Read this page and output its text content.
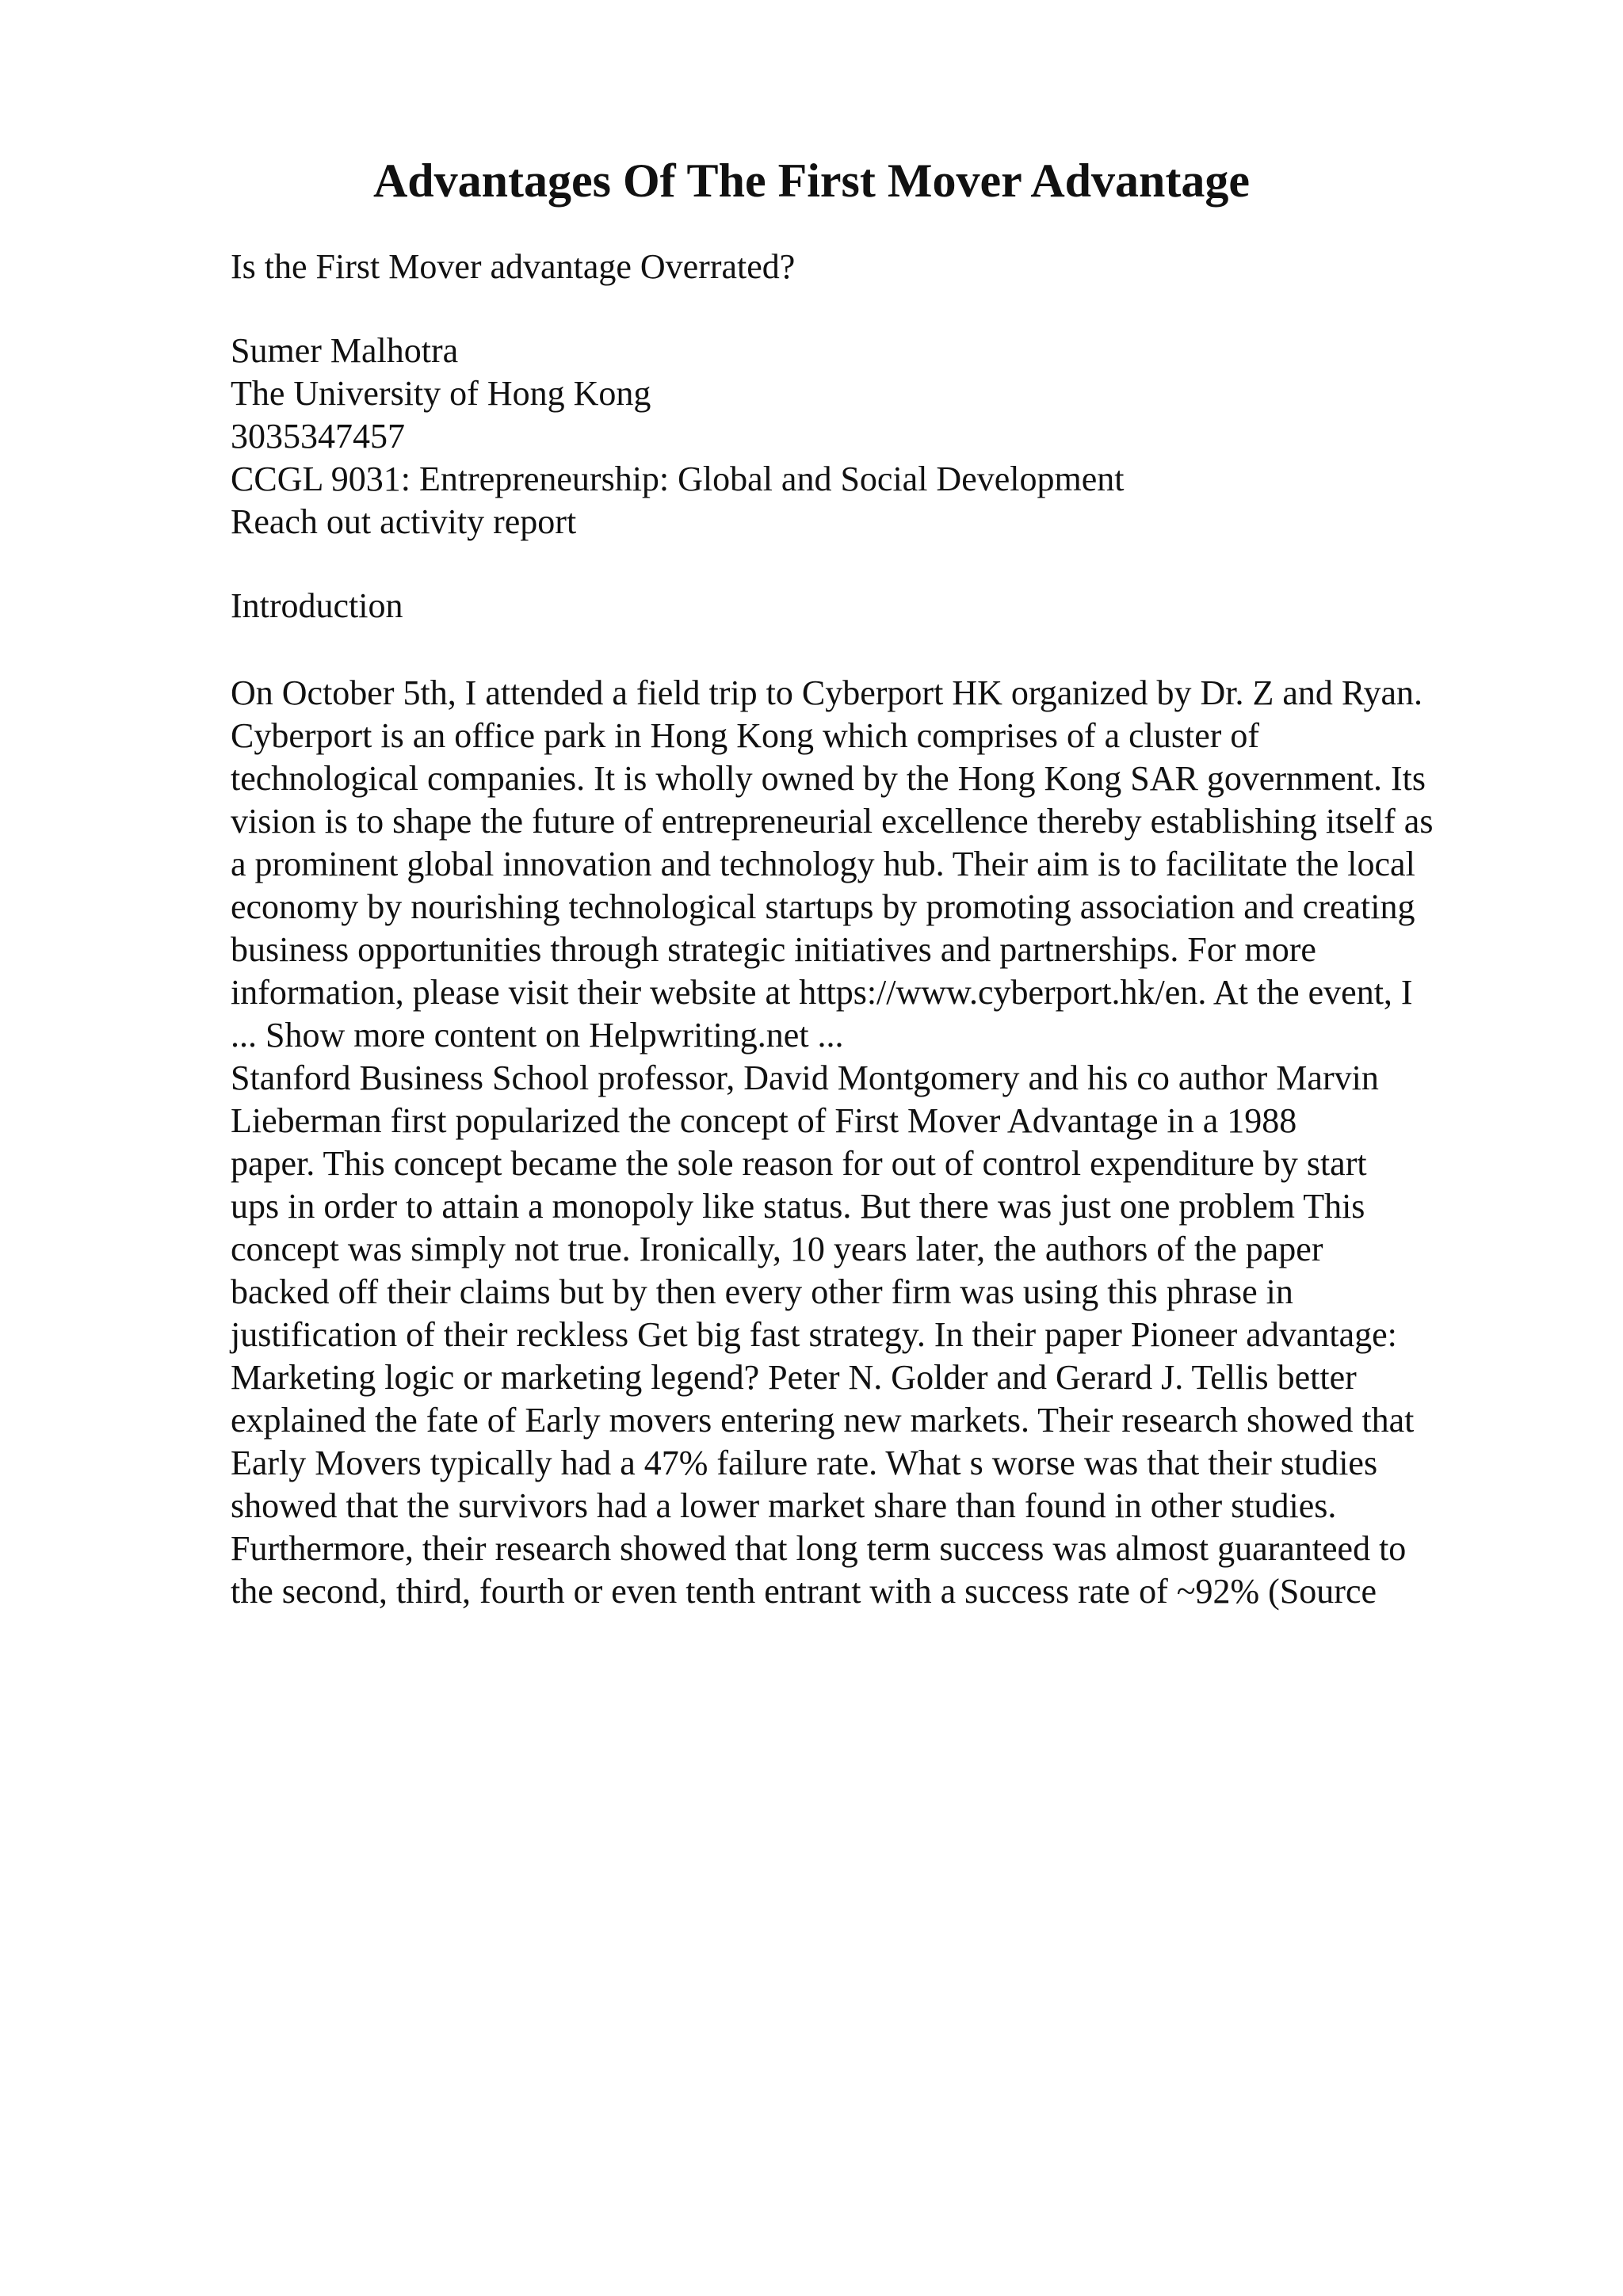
Advantages Of The First Mover Advantage
Is the First Mover advantage Overrated?
Sumer Malhotra
The University of Hong Kong
3035347457
CCGL 9031: Entrepreneurship: Global and Social Development
Reach out activity report
Introduction
On October 5th, I attended a field trip to Cyberport HK organized by Dr. Z and Ryan.
Cyberport is an office park in Hong Kong which comprises of a cluster of
technological companies. It is wholly owned by the Hong Kong SAR government. Its
vision is to shape the future of entrepreneurial excellence thereby establishing itself as
a prominent global innovation and technology hub. Their aim is to facilitate the local
economy by nourishing technological startups by promoting association and creating
business opportunities through strategic initiatives and partnerships. For more
information, please visit their website at https://www.cyberport.hk/en. At the event, I
... Show more content on Helpwriting.net ...
Stanford Business School professor, David Montgomery and his co author Marvin
Lieberman first popularized the concept of First Mover Advantage in a 1988
paper. This concept became the sole reason for out of control expenditure by start
ups in order to attain a monopoly like status. But there was just one problem This
concept was simply not true. Ironically, 10 years later, the authors of the paper
backed off their claims but by then every other firm was using this phrase in
justification of their reckless Get big fast strategy. In their paper Pioneer advantage:
Marketing logic or marketing legend? Peter N. Golder and Gerard J. Tellis better
explained the fate of Early movers entering new markets. Their research showed that
Early Movers typically had a 47% failure rate. What s worse was that their studies
showed that the survivors had a lower market share than found in other studies.
Furthermore, their research showed that long term success was almost guaranteed to
the second, third, fourth or even tenth entrant with a success rate of ~92% (Source
